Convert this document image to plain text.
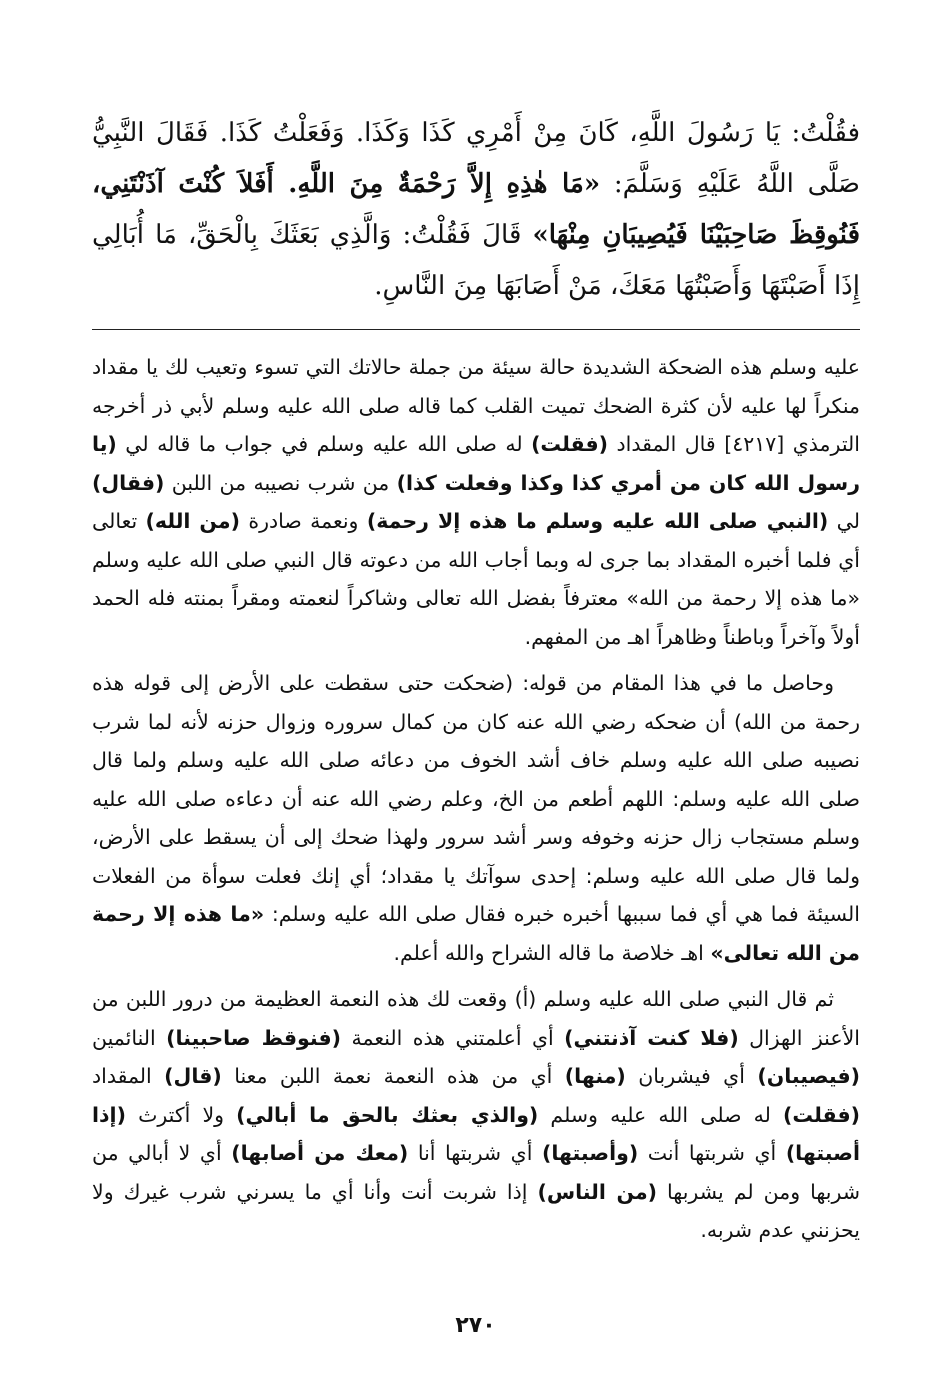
فقُلْتُ: يَا رَسُولَ اللَّهِ، كَانَ مِنْ أَمْرِي كَذَا وَكَذَا. وَفَعَلْتُ كَذَا. فَقَالَ النَّبِيُّ صَلَّى اللَّهُ عَلَيْهِ وَسَلَّمَ: «مَا هٰذِهِ إِلاَّ رَحْمَةٌ مِنَ اللَّهِ. أَفَلاَ كُنْتَ آذَنْتَنِي، فَنُوقِظَ صَاحِبَيْنَا فَيُصِيبَانِ مِنْهَا» قَالَ فَقُلْتُ: وَالَّذِي بَعَثَكَ بِالْحَقِّ، مَا أُبَالِي إِذَا أَصَبْتَهَا وَأَصَبْتُهَا مَعَكَ، مَنْ أَصَابَهَا مِنَ النَّاسِ.

عليه وسلم هذه الضحكة الشديدة حالة سيئة من جملة حالاتك التي تسوء وتعيب لك يا مقداد منكراً لها عليه لأن كثرة الضحك تميت القلب كما قاله صلى الله عليه وسلم لأبي ذر أخرجه الترمذي [٤٢١٧] قال المقداد (فقلت) له صلى الله عليه وسلم في جواب ما قاله لي (يا رسول الله كان من أمري كذا وكذا وفعلت كذا) من شرب نصيبه من اللبن (فقال) لي (النبي صلى الله عليه وسلم ما هذه إلا رحمة) ونعمة صادرة (من الله) تعالى أي فلما أخبره المقداد بما جرى له وبما أجاب الله من دعوته قال النبي صلى الله عليه وسلم «ما هذه إلا رحمة من الله» معترفاً بفضل الله تعالى وشاكراً لنعمته ومقراً بمنته فله الحمد أولاً وآخراً وباطناً وظاهراً اهـ من المفهم.

وحاصل ما في هذا المقام من قوله: (ضحكت حتى سقطت على الأرض إلى قوله هذه رحمة من الله) أن ضحكه رضي الله عنه كان من كمال سروره وزوال حزنه لأنه لما شرب نصيبه صلى الله عليه وسلم خاف أشد الخوف من دعائه صلى الله عليه وسلم ولما قال صلى الله عليه وسلم: اللهم أطعم من الخ، وعلم رضي الله عنه أن دعاءه صلى الله عليه وسلم مستجاب زال حزنه وخوفه وسر أشد سرور ولهذا ضحك إلى أن يسقط على الأرض، ولما قال صلى الله عليه وسلم: إحدى سوآتك يا مقداد؛ أي إنك فعلت سوأة من الفعلات السيئة فما هي أي فما سببها أخبره خبره فقال صلى الله عليه وسلم: «ما هذه إلا رحمة من الله تعالى» اهـ خلاصة ما قاله الشراح والله أعلم.

ثم قال النبي صلى الله عليه وسلم (أ) وقعت لك هذه النعمة العظيمة من درور اللبن من الأعنز الهزال (فلا كنت آذنتني) أي أعلمتني هذه النعمة (فنوقظ صاحبينا) النائمين (فيصيبان) أي فيشربان (منها) أي من هذه النعمة نعمة اللبن معنا (قال) المقداد (فقلت) له صلى الله عليه وسلم (والذي بعثك بالحق ما أبالي) ولا أكترث (إذا أصبتها) أي شربتها أنت (وأصبتها) أي شربتها أنا (معك من أصابها) أي لا أبالي من شربها ومن لم يشربها (من الناس) إذا شربت أنت وأنا أي ما يسرني شرب غيرك ولا يحزنني عدم شربه.

٢٧٠
